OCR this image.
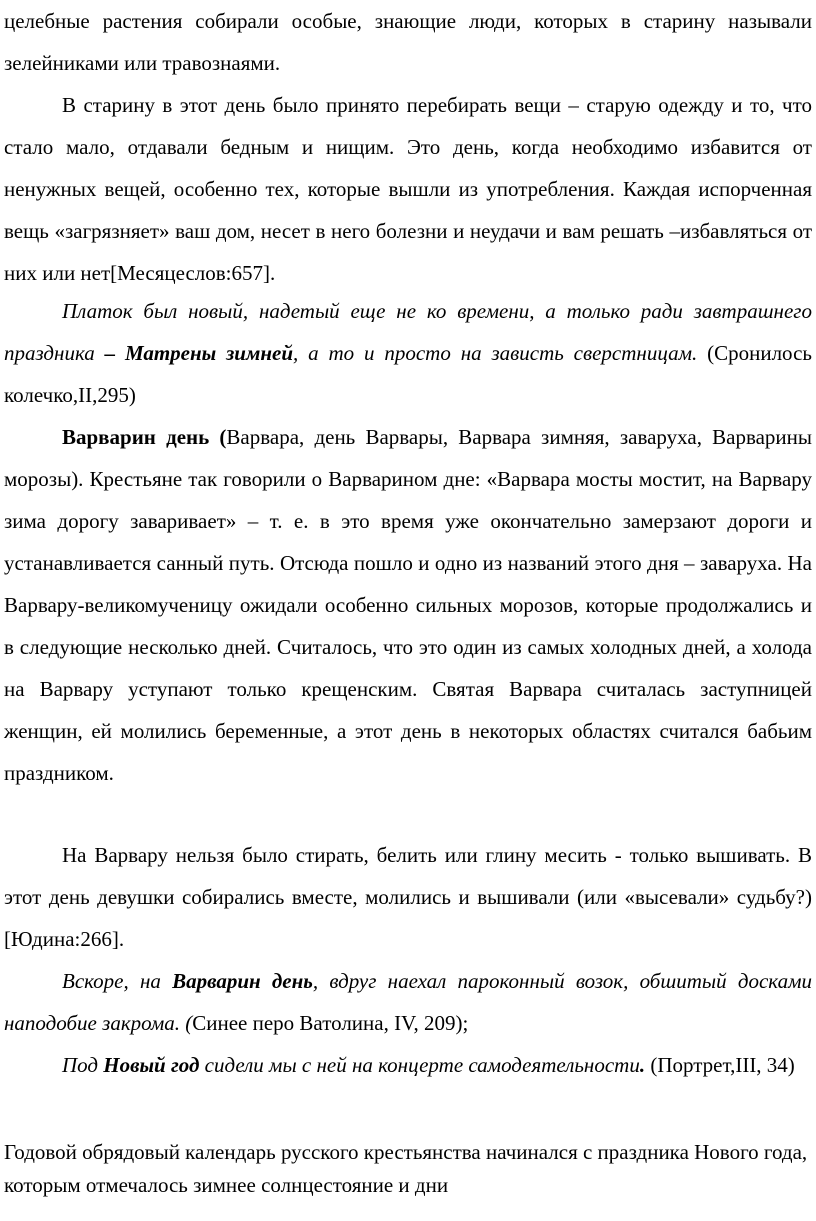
целебные растения собирали особые, знающие люди, которых в старину называли зелейниками или травознаями.

В старину в этот день было принято перебирать вещи – старую одежду и то, что стало мало, отдавали бедным и нищим. Это день, когда необходимо избавится от ненужных вещей, особенно тех, которые вышли из употребления. Каждая испорченная вещь «загрязняет» ваш дом, несет в него болезни и неудачи и вам решать –избавляться от них или нет[Месяцеслов:657].

Платок был новый, надетый еще не ко времени, а только ради завтрашнего праздника – Матрены зимней, а то и просто на зависть сверстницам. (Сронилось колечко,II,295)

Варварин день (Варвара, день Варвары, Варвара зимняя, заваруха, Варварины морозы). Крестьяне так говорили о Варварином дне: «Варвара мосты мостит, на Варвару зима дорогу заваривает» – т. е. в это время уже окончательно замерзают дороги и устанавливается санный путь. Отсюда пошло и одно из названий этого дня – заваруха. На Варвару-великомученицу ожидали особенно сильных морозов, которые продолжались и в следующие несколько дней. Считалось, что это один из самых холодных дней, а холода на Варвару уступают только крещенским. Святая Варвара считалась заступницей женщин, ей молились беременные, а этот день в некоторых областях считался бабьим праздником.

На Варвару нельзя было стирать, белить или глину месить - только вышивать. В этот день девушки собирались вместе, молились и вышивали (или «высевали» судьбу?)[Юдина:266].

Вскоре, на Варварин день, вдруг наехал пароконный возок, обшитый досками наподобие закрома. (Синее перо Ватолина, IV, 209);

Под Новый год сидели мы с ней на концерте самодеятельности. (Портрет,III, 34)

Годовой обрядовый календарь русского крестьянства начинался с праздника Нового года, которым отмечалось зимнее солнцестояние и дни
